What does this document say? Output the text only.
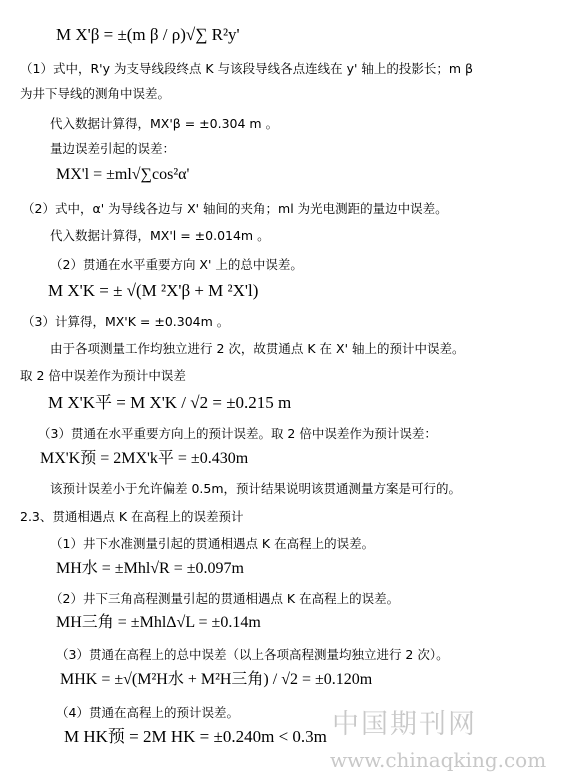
M X'β = ±(m β / ρ)√∑ R²y'
（1）式中，R'y 为支导线段终点 K 与该段导线各点连线在 y' 轴上的投影长；m β
为井下导线的测角中误差。
代入数据计算得，MX'β = ±0.304 m 。
量边误差引起的误差：
MX'l = ±ml√∑cos²α'
（2）式中，α' 为导线各边与 X' 轴间的夹角；ml 为光电测距的量边中误差。
代入数据计算得，MX'l = ±0.014m 。
（2）贯通在水平重要方向 X' 上的总中误差。
M X'K = ± √(M ²X'β + M ²X'l)
（3）计算得，MX'K = ±0.304m 。
由于各项测量工作均独立进行 2 次，故贯通点 K 在 X' 轴上的预计中误差。
取 2 倍中误差作为预计中误差
M X'K平 = M X'K / √2 = ±0.215 m
（3）贯通在水平重要方向上的预计误差。取 2 倍中误差作为预计误差：
MX'K预 = 2MX'k平 = ±0.430m
该预计误差小于允许偏差 0.5m，预计结果说明该贯通测量方案是可行的。
2.3、贯通相遇点 K 在高程上的误差预计
（1）井下水准测量引起的贯通相遇点 K 在高程上的误差。
MH水 = ±Mhl√R = ±0.097m
（2）井下三角高程测量引起的贯通相遇点 K 在高程上的误差。
MH三角 = ±MhlΔ√L = ±0.14m
（3）贯通在高程上的总中误差（以上各项高程测量均独立进行 2 次）。
MHK = ±√(M²H水 + M²H三角) / √2 = ±0.120m
（4）贯通在高程上的预计误差。
M HK预 = 2M HK = ±0.240m < 0.3m 中国期刊网
www.chinaqking.com
